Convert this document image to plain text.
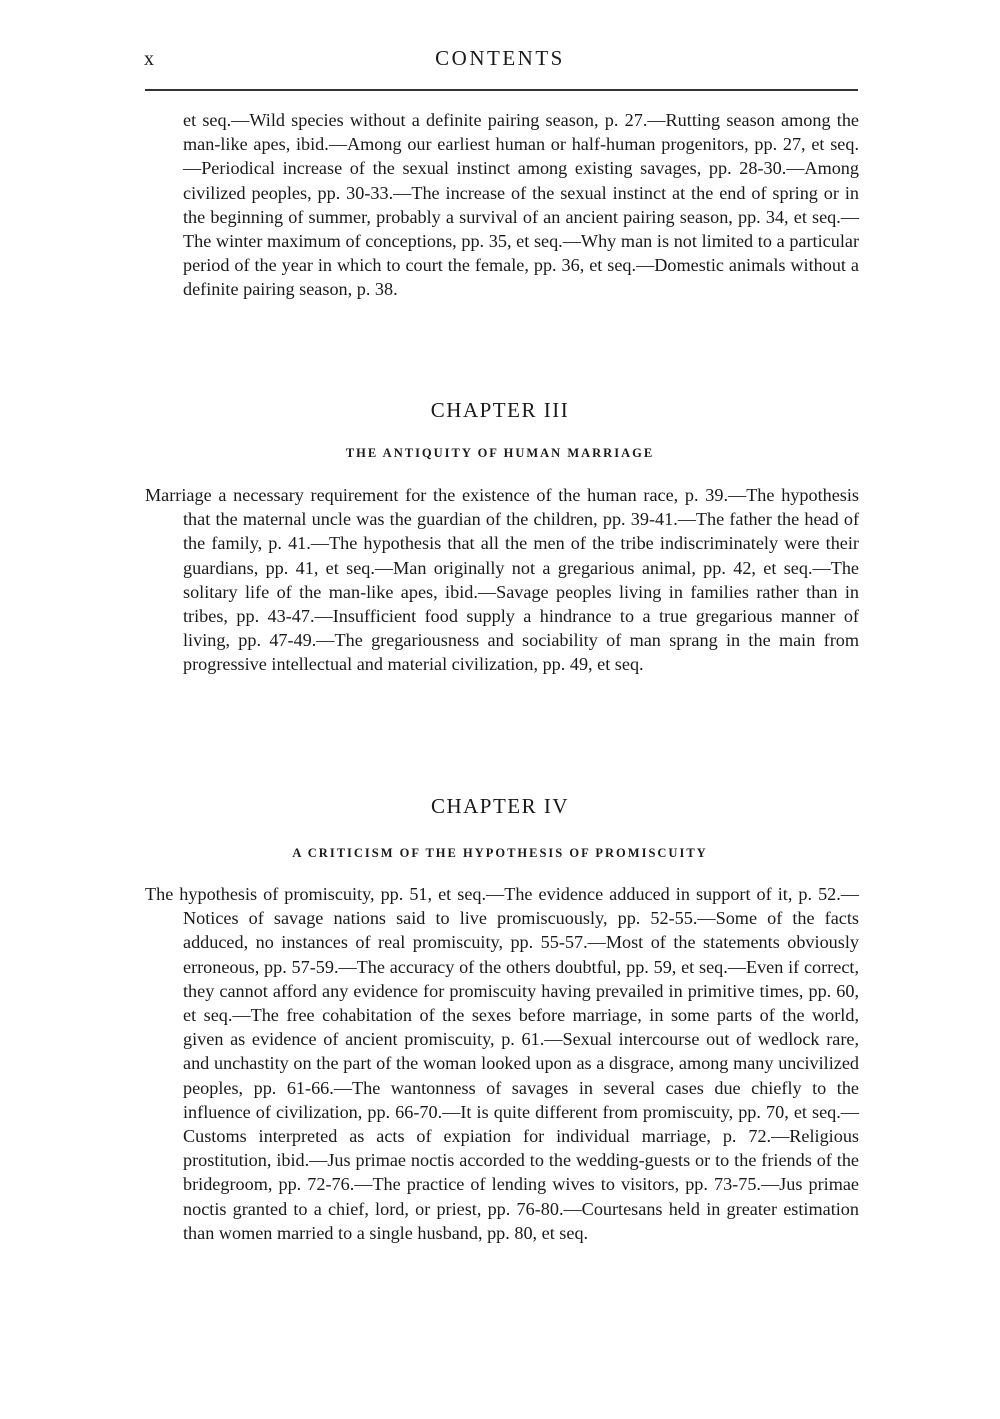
x	CONTENTS
et seq.—Wild species without a definite pairing season, p. 27.—Rutting season among the man-like apes, ibid.—Among our earliest human or half-human progenitors, pp. 27, et seq.—Periodical increase of the sexual instinct among existing savages, pp. 28-30.—Among civilized peoples, pp. 30-33.—The increase of the sexual instinct at the end of spring or in the beginning of summer, probably a survival of an ancient pairing season, pp. 34, et seq.—The winter maximum of conceptions, pp. 35, et seq.—Why man is not limited to a particular period of the year in which to court the female, pp. 36, et seq.—Domestic animals without a definite pairing season, p. 38.
CHAPTER III
THE ANTIQUITY OF HUMAN MARRIAGE
Marriage a necessary requirement for the existence of the human race, p. 39.—The hypothesis that the maternal uncle was the guardian of the children, pp. 39-41.—The father the head of the family, p. 41.—The hypothesis that all the men of the tribe indiscriminately were their guardians, pp. 41, et seq.—Man originally not a gregarious animal, pp. 42, et seq.—The solitary life of the man-like apes, ibid.—Savage peoples living in families rather than in tribes, pp. 43-47.—Insufficient food supply a hindrance to a true gregarious manner of living, pp. 47-49.—The gregariousness and sociability of man sprang in the main from progressive intellectual and material civilization, pp. 49, et seq.
CHAPTER IV
A CRITICISM OF THE HYPOTHESIS OF PROMISCUITY
The hypothesis of promiscuity, pp. 51, et seq.—The evidence adduced in support of it, p. 52.—Notices of savage nations said to live promiscuously, pp. 52-55.—Some of the facts adduced, no instances of real promiscuity, pp. 55-57.—Most of the statements obviously erroneous, pp. 57-59.—The accuracy of the others doubtful, pp. 59, et seq.—Even if correct, they cannot afford any evidence for promiscuity having prevailed in primitive times, pp. 60, et seq.—The free cohabitation of the sexes before marriage, in some parts of the world, given as evidence of ancient promiscuity, p. 61.—Sexual intercourse out of wedlock rare, and unchastity on the part of the woman looked upon as a disgrace, among many uncivilized peoples, pp. 61-66.—The wantonness of savages in several cases due chiefly to the influence of civilization, pp. 66-70.—It is quite different from promiscuity, pp. 70, et seq.—Customs interpreted as acts of expiation for individual marriage, p. 72.—Religious prostitution, ibid.—Jus primae noctis accorded to the wedding-guests or to the friends of the bridegroom, pp. 72-76.—The practice of lending wives to visitors, pp. 73-75.—Jus primae noctis granted to a chief, lord, or priest, pp. 76-80.—Courtesans held in greater estimation than women married to a single husband, pp. 80, et seq.
